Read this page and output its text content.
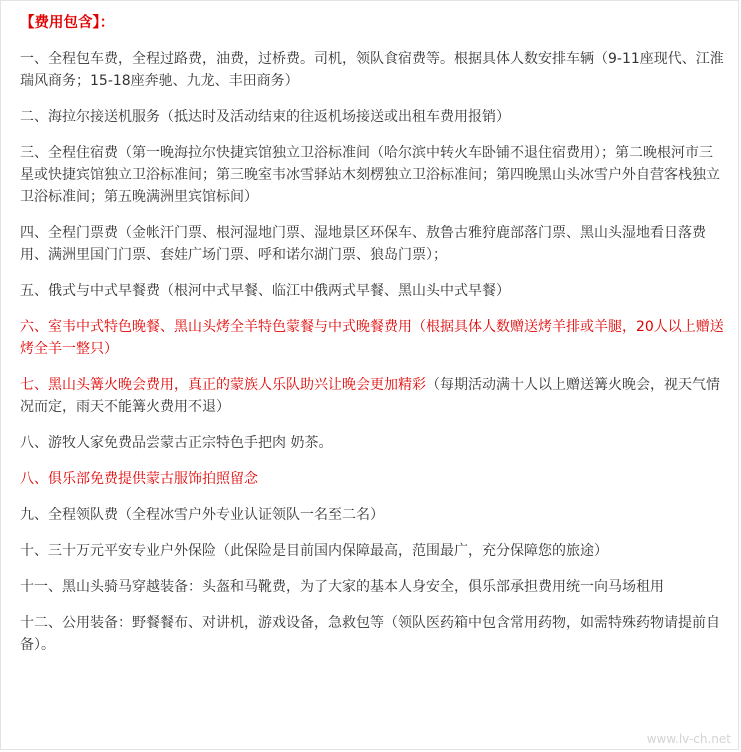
【费用包含】：
一、全程包车费，全程过路费，油费，过桥费。司机，领队食宿费等。根据具体人数安排车辆（9-11座现代、江淮瑞风商务；15-18座奔驰、九龙、丰田商务）
二、海拉尔接送机服务（抵达时及活动结束的往返机场接送或出租车费用报销）
三、全程住宿费（第一晚海拉尔快捷宾馆独立卫浴标准间（哈尔滨中转火车卧铺不退住宿费用）；第二晚根河市三星或快捷宾馆独立卫浴标准间；第三晚室韦冰雪驿站木刻楞独立卫浴标准间；第四晚黑山头冰雪户外自营客栈独立卫浴标准间；第五晚满洲里宾馆标间）
四、全程门票费（金帐汗门票、根河湿地门票、湿地景区环保车、敖鲁古雅狩鹿部落门票、黑山头湿地看日落费用、满洲里国门门票、套娃广场门票、呼和诺尔湖门票、狼岛门票）；
五、俄式与中式早餐费（根河中式早餐、临江中俄两式早餐、黑山头中式早餐）
六、室韦中式特色晚餐、黑山头烤全羊特色蒙餐与中式晚餐费用（根据具体人数赠送烤羊排或羊腿，20人以上赠送烤全羊一整只）
七、黑山头篝火晚会费用，真正的蒙族人乐队助兴让晚会更加精彩（每期活动满十人以上赠送篝火晚会，视天气情况而定，雨天不能篝火费用不退）
八、游牧人家免费品尝蒙古正宗特色手把肉 奶茶。
八、俱乐部免费提供蒙古服饰拍照留念
九、全程领队费（全程冰雪户外专业认证领队一名至二名）
十、三十万元平安专业户外保险（此保险是目前国内保障最高，范围最广，充分保障您的旅途）
十一、黑山头骑马穿越装备：头盔和马靴费，为了大家的基本人身安全，俱乐部承担费用统一向马场租用
十二、公用装备：野餐餐布、对讲机，游戏设备，急救包等（领队医药箱中包含常用药物，如需特殊药物请提前自备）。
www.lv-ch.net
